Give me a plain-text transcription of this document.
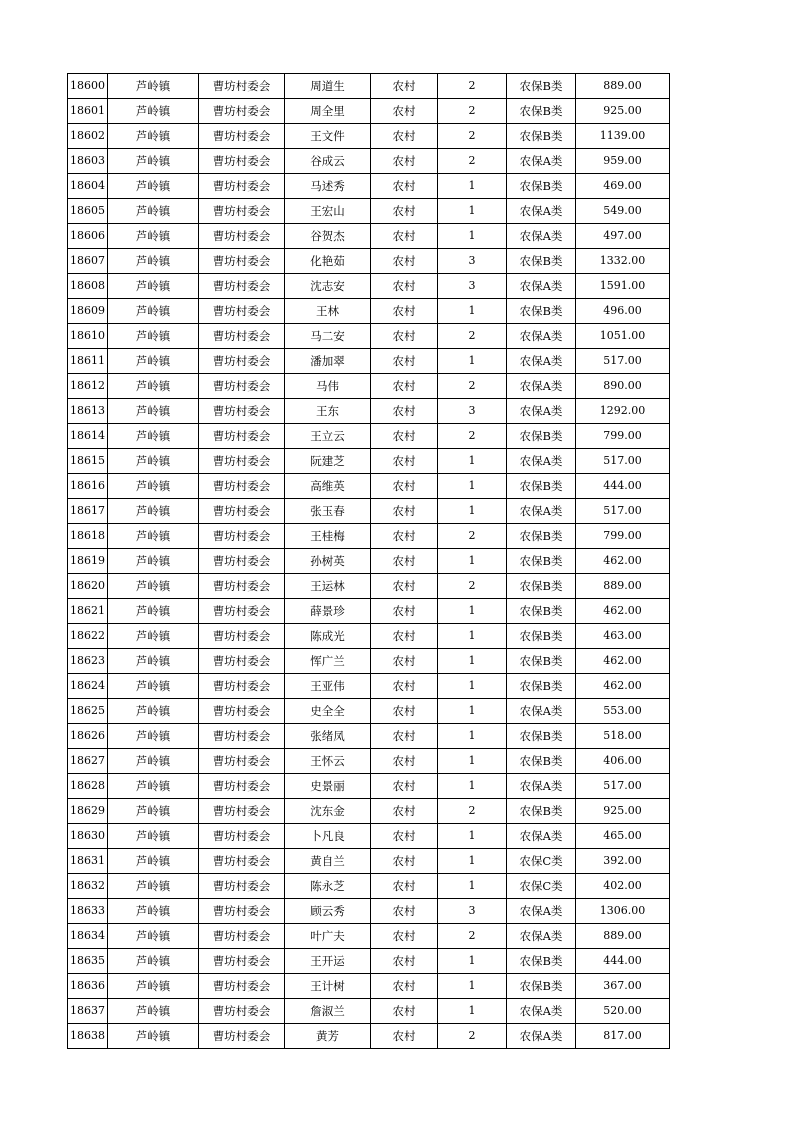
18600	芦岭镇	曹坊村委会	周道生	农村	2	农保B类	889.00
18601	芦岭镇	曹坊村委会	周全里	农村	2	农保B类	925.00
18602	芦岭镇	曹坊村委会	王文件	农村	2	农保B类	1139.00
18603	芦岭镇	曹坊村委会	谷成云	农村	2	农保A类	959.00
18604	芦岭镇	曹坊村委会	马述秀	农村	1	农保B类	469.00
18605	芦岭镇	曹坊村委会	王宏山	农村	1	农保A类	549.00
18606	芦岭镇	曹坊村委会	谷贺杰	农村	1	农保A类	497.00
18607	芦岭镇	曹坊村委会	化艳茹	农村	3	农保B类	1332.00
18608	芦岭镇	曹坊村委会	沈志安	农村	3	农保A类	1591.00
18609	芦岭镇	曹坊村委会	王林	农村	1	农保B类	496.00
18610	芦岭镇	曹坊村委会	马二安	农村	2	农保A类	1051.00
18611	芦岭镇	曹坊村委会	潘加翠	农村	1	农保A类	517.00
18612	芦岭镇	曹坊村委会	马伟	农村	2	农保A类	890.00
18613	芦岭镇	曹坊村委会	王东	农村	3	农保A类	1292.00
18614	芦岭镇	曹坊村委会	王立云	农村	2	农保B类	799.00
18615	芦岭镇	曹坊村委会	阮建芝	农村	1	农保A类	517.00
18616	芦岭镇	曹坊村委会	高维英	农村	1	农保B类	444.00
18617	芦岭镇	曹坊村委会	张玉春	农村	1	农保A类	517.00
18618	芦岭镇	曹坊村委会	王桂梅	农村	2	农保B类	799.00
18619	芦岭镇	曹坊村委会	孙树英	农村	1	农保B类	462.00
18620	芦岭镇	曹坊村委会	王运林	农村	2	农保B类	889.00
18621	芦岭镇	曹坊村委会	薛景珍	农村	1	农保B类	462.00
18622	芦岭镇	曹坊村委会	陈成光	农村	1	农保B类	463.00
18623	芦岭镇	曹坊村委会	恽广兰	农村	1	农保B类	462.00
18624	芦岭镇	曹坊村委会	王亚伟	农村	1	农保B类	462.00
18625	芦岭镇	曹坊村委会	史全全	农村	1	农保A类	553.00
18626	芦岭镇	曹坊村委会	张绪凤	农村	1	农保B类	518.00
18627	芦岭镇	曹坊村委会	王怀云	农村	1	农保B类	406.00
18628	芦岭镇	曹坊村委会	史景丽	农村	1	农保A类	517.00
18629	芦岭镇	曹坊村委会	沈东金	农村	2	农保B类	925.00
18630	芦岭镇	曹坊村委会	卜凡良	农村	1	农保A类	465.00
18631	芦岭镇	曹坊村委会	黄自兰	农村	1	农保C类	392.00
18632	芦岭镇	曹坊村委会	陈永芝	农村	1	农保C类	402.00
18633	芦岭镇	曹坊村委会	顾云秀	农村	3	农保A类	1306.00
18634	芦岭镇	曹坊村委会	叶广夫	农村	2	农保A类	889.00
18635	芦岭镇	曹坊村委会	王开运	农村	1	农保B类	444.00
18636	芦岭镇	曹坊村委会	王计树	农村	1	农保B类	367.00
18637	芦岭镇	曹坊村委会	詹淑兰	农村	1	农保A类	520.00
18638	芦岭镇	曹坊村委会	黄芳	农村	2	农保A类	817.00
